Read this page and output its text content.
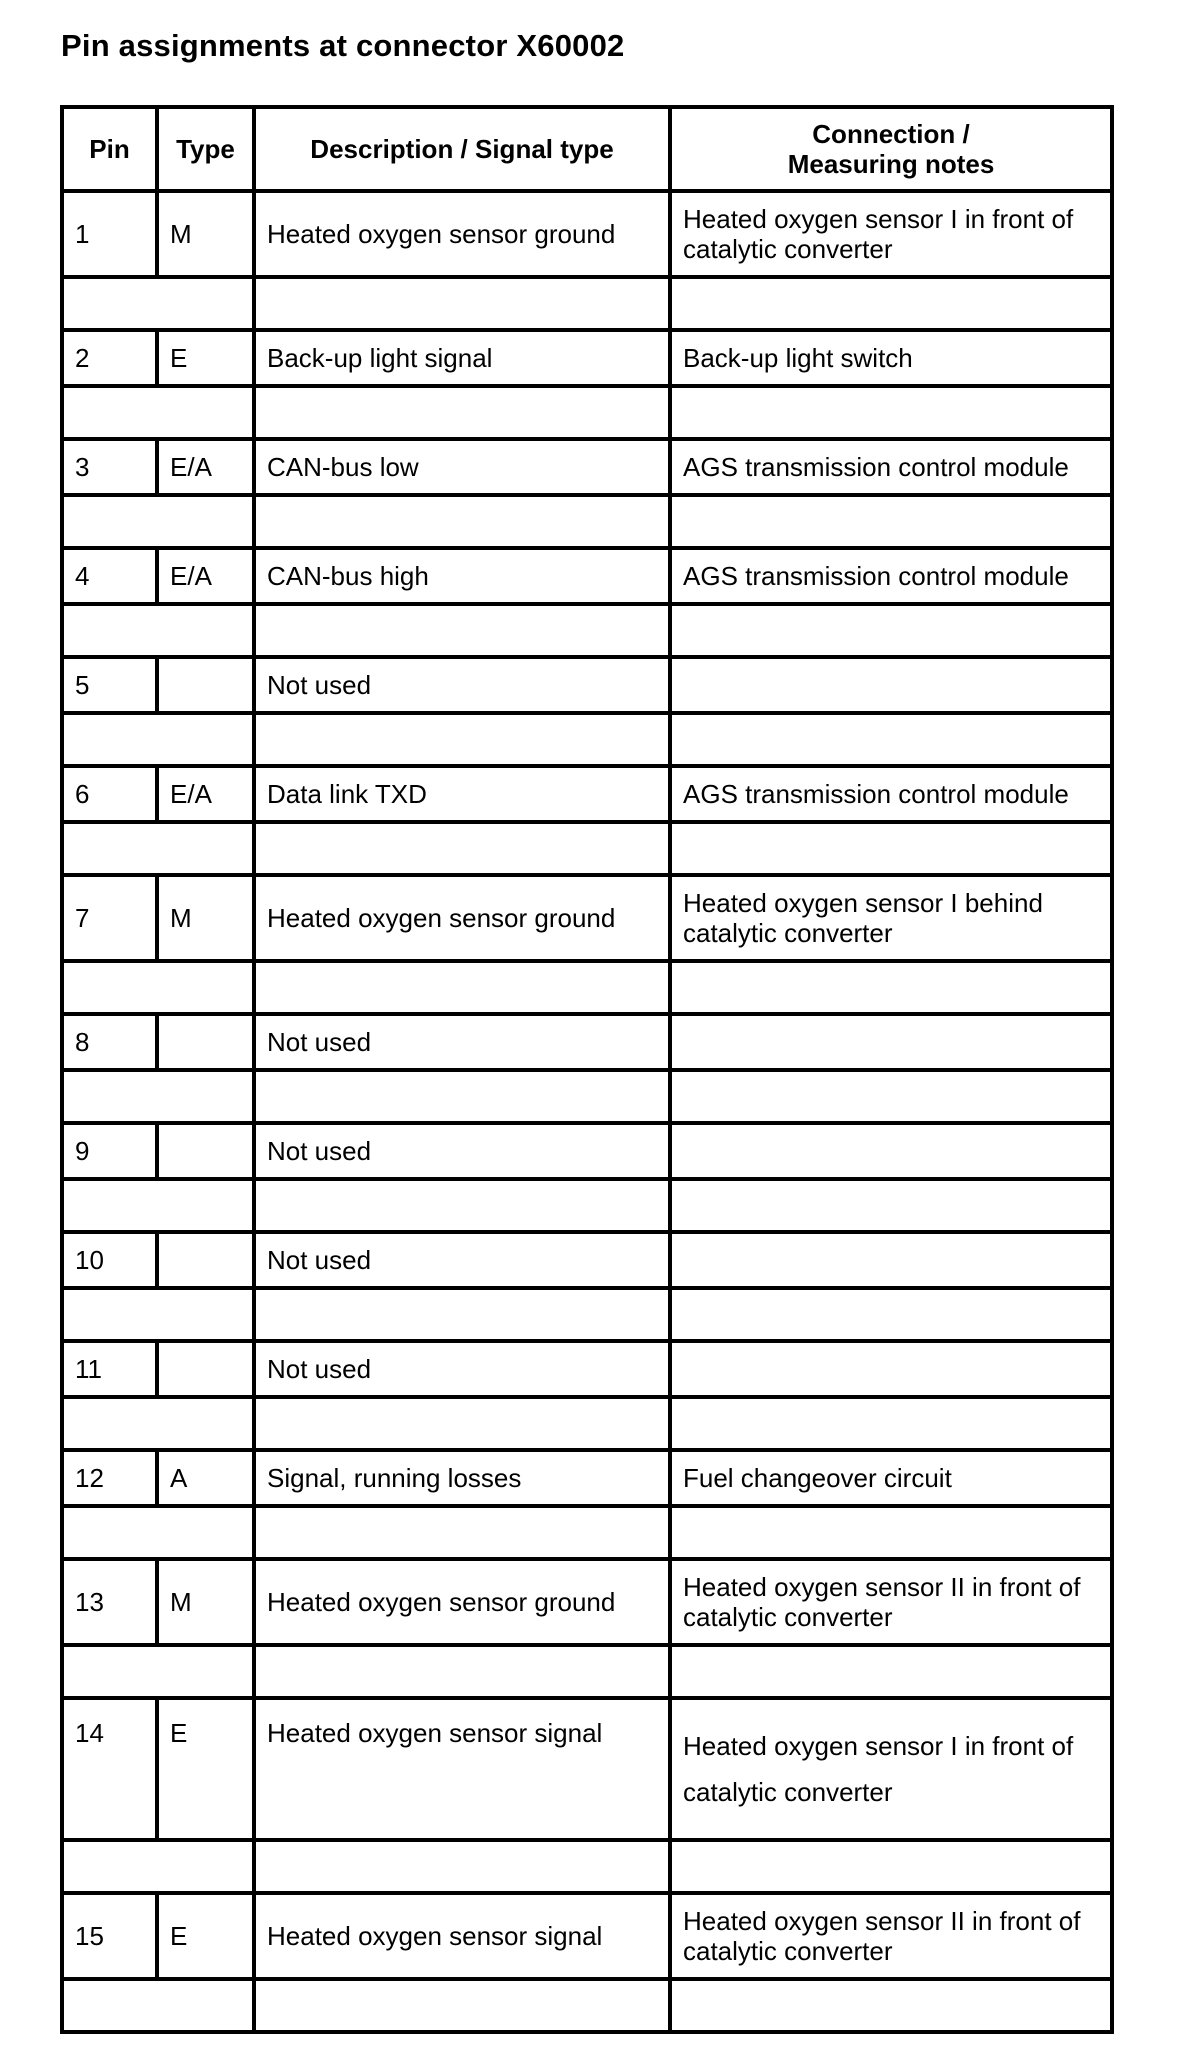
Pin assignments at connector X60002
Pin	Type	Description / Signal type	Connection /
Measuring notes
1	M	Heated oxygen sensor ground	Heated oxygen sensor I in front of catalytic converter

2	E	Back-up light signal	Back-up light switch

3	E/A	CAN-bus low	AGS transmission control module

4	E/A	CAN-bus high	AGS transmission control module

5		Not used	

6	E/A	Data link TXD	AGS transmission control module

7	M	Heated oxygen sensor ground	Heated oxygen sensor I behind catalytic converter

8		Not used	

9		Not used	

10		Not used	

11		Not used	

12	A	Signal, running losses	Fuel changeover circuit

13	M	Heated oxygen sensor ground	Heated oxygen sensor II in front of catalytic converter

14	E	Heated oxygen sensor signal	Heated oxygen sensor I in front of catalytic converter

15	E	Heated oxygen sensor signal	Heated oxygen sensor II in front of catalytic converter
